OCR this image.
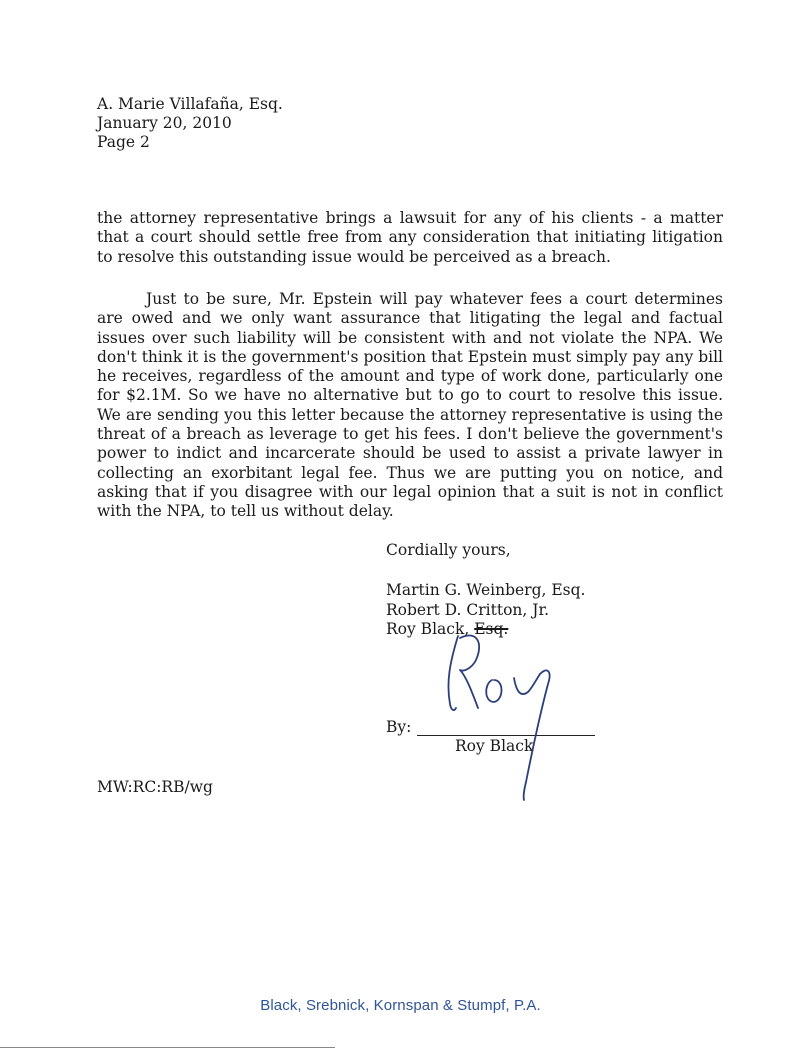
A. Marie Villafaña, Esq.
January 20, 2010
Page 2

the attorney representative brings a lawsuit for any of his clients - a matter that a court should settle free from any consideration that initiating litigation to resolve this outstanding issue would be perceived as a breach.

Just to be sure, Mr. Epstein will pay whatever fees a court determines are owed and we only want assurance that litigating the legal and factual issues over such liability will be consistent with and not violate the NPA. We don't think it is the government's position that Epstein must simply pay any bill he receives, regardless of the amount and type of work done, particularly one for $2.1M. So we have no alternative but to go to court to resolve this issue. We are sending you this letter because the attorney representative is using the threat of a breach as leverage to get his fees. I don't believe the government's power to indict and incarcerate should be used to assist a private lawyer in collecting an exorbitant legal fee. Thus we are putting you on notice, and asking that if you disagree with our legal opinion that a suit is not in conflict with the NPA, to tell us without delay.

Cordially yours,
Martin G. Weinberg, Esq.
Robert D. Critton, Jr.
Roy Black, Esq.
By:
Roy Black
MW:RC:RB/wg
Black, Srebnick, Kornspan & Stumpf, P.A.
